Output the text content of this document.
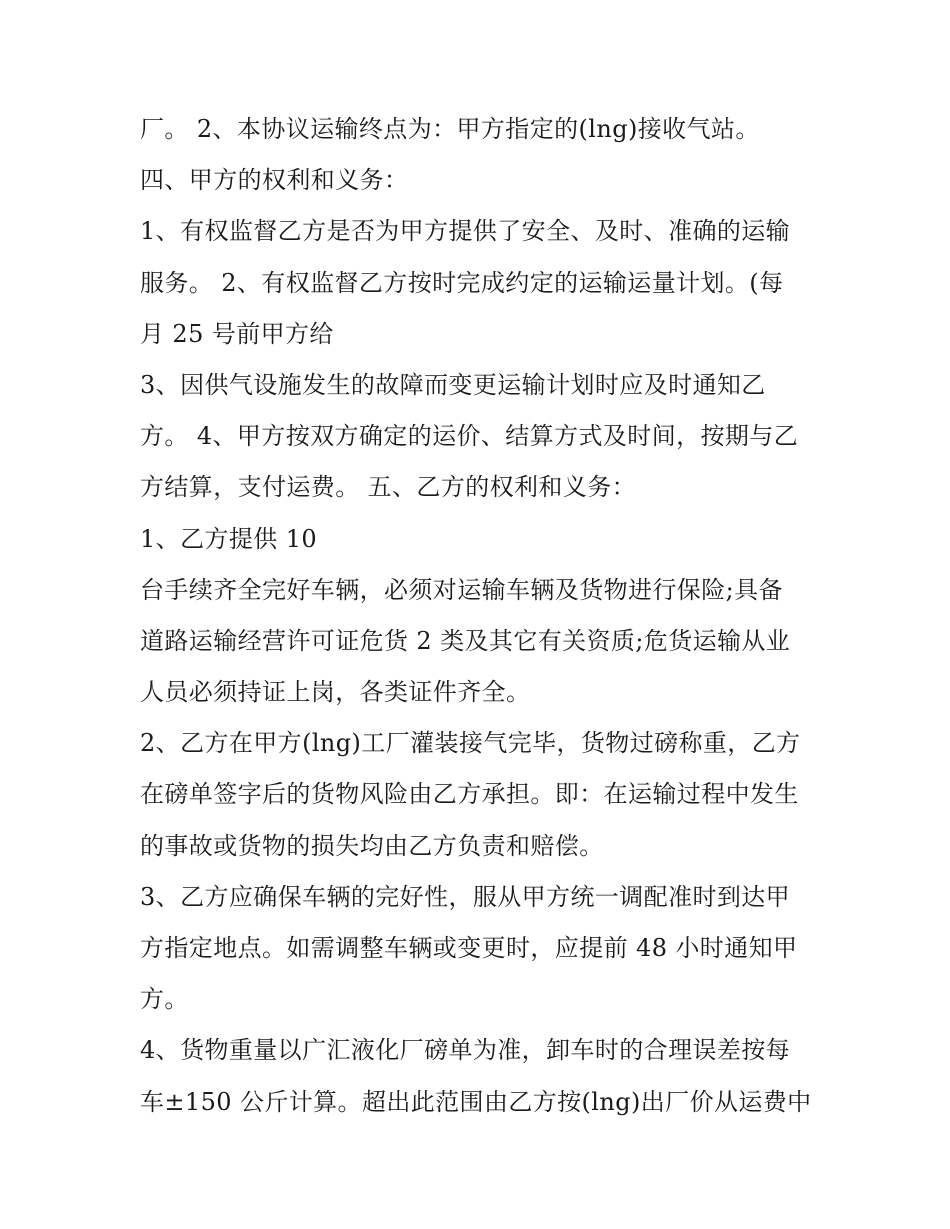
厂。 2、本协议运输终点为：甲方指定的(lng)接收气站。
四、甲方的权利和义务：
1、有权监督乙方是否为甲方提供了安全、及时、准确的运输
服务。 2、有权监督乙方按时完成约定的运输运量计划。(每
月 25 号前甲方给
3、因供气设施发生的故障而变更运输计划时应及时通知乙
方。 4、甲方按双方确定的运价、结算方式及时间，按期与乙
方结算，支付运费。 五、乙方的权利和义务：
1、乙方提供 10
台手续齐全完好车辆，必须对运输车辆及货物进行保险;具备
道路运输经营许可证危货 2 类及其它有关资质;危货运输从业
人员必须持证上岗，各类证件齐全。
2、乙方在甲方(lng)工厂灌装接气完毕，货物过磅称重，乙方
在磅单签字后的货物风险由乙方承担。即：在运输过程中发生
的事故或货物的损失均由乙方负责和赔偿。
3、乙方应确保车辆的完好性，服从甲方统一调配准时到达甲
方指定地点。如需调整车辆或变更时，应提前 48 小时通知甲
方。
4、货物重量以广汇液化厂磅单为准，卸车时的合理误差按每
车±150 公斤计算。超出此范围由乙方按(lng)出厂价从运费中
